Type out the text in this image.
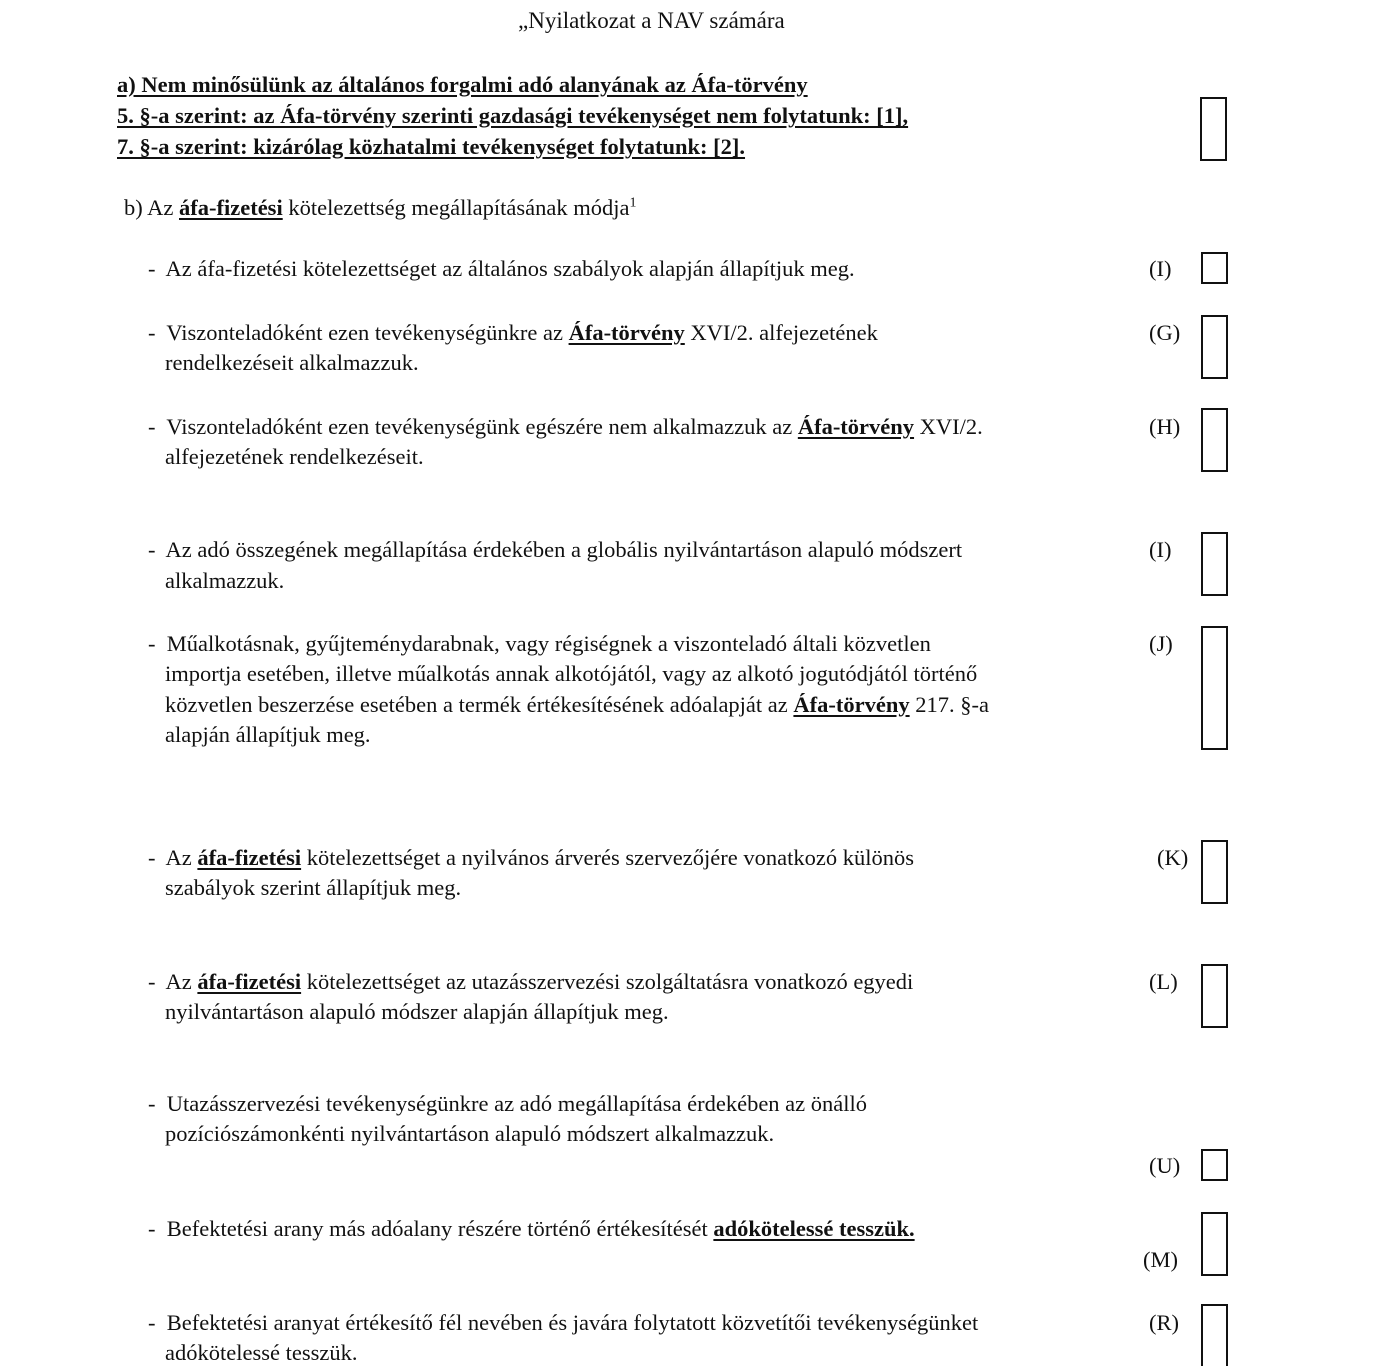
„Nyilatkozat a NAV számára
a) Nem minősülünk az általános forgalmi adó alanyának az Áfa-törvény
5. §-a szerint: az Áfa-törvény szerinti gazdasági tevékenységet nem folytatunk: [1],
7. §-a szerint: kizárólag közhatalmi tevékenységet folytatunk: [2].
b) Az áfa-fizetési kötelezettség megállapításának módja$^1$
- Az áfa-fizetési kötelezettséget az általános szabályok alapján állapítjuk meg.	(I)
- Viszonteladóként ezen tevékenységünkre az Áfa-törvény XVI/2. alfejezetének
rendelkezéseit alkalmazzuk.
(G)
- Viszonteladóként ezen tevékenységünk egészére nem alkalmazzuk az Áfa-törvény XVI/2.
alfejezetének rendelkezéseit.
(H)
- Az adó összegének megállapítása érdekében a globális nyilvántartáson alapuló módszert
alkalmazzuk.
(I)
- Műalkotásnak, gyűjteménydarabnak, vagy régiségnek a viszonteladó általi közvetlen
importja esetében, illetve műalkotás annak alkotójától, vagy az alkotó jogutódjától történő
közvetlen beszerzése esetében a termék értékesítésének adóalapját az Áfa-törvény 217. §-a
alapján állapítjuk meg.
(J)
- Az áfa-fizetési kötelezettséget a nyilvános árverés szervezőjére vonatkozó különös
szabályok szerint állapítjuk meg.
(K)
- Az áfa-fizetési kötelezettséget az utazásszervezési szolgáltatásra vonatkozó egyedi
nyilvántartáson alapuló módszer alapján állapítjuk meg.
(L)
- Utazásszervezési tevékenységünkre az adó megállapítása érdekében az önálló
pozíciószámonkénti nyilvántartáson alapuló módszert alkalmazzuk.
(U)
- Befektetési arany más adóalany részére történő értékesítését adókötelessé tesszük.
(M)
- Befektetési aranyat értékesítő fél nevében és javára folytatott közvetítői tevékenységünket
adókötelessé tesszük.
(R)
